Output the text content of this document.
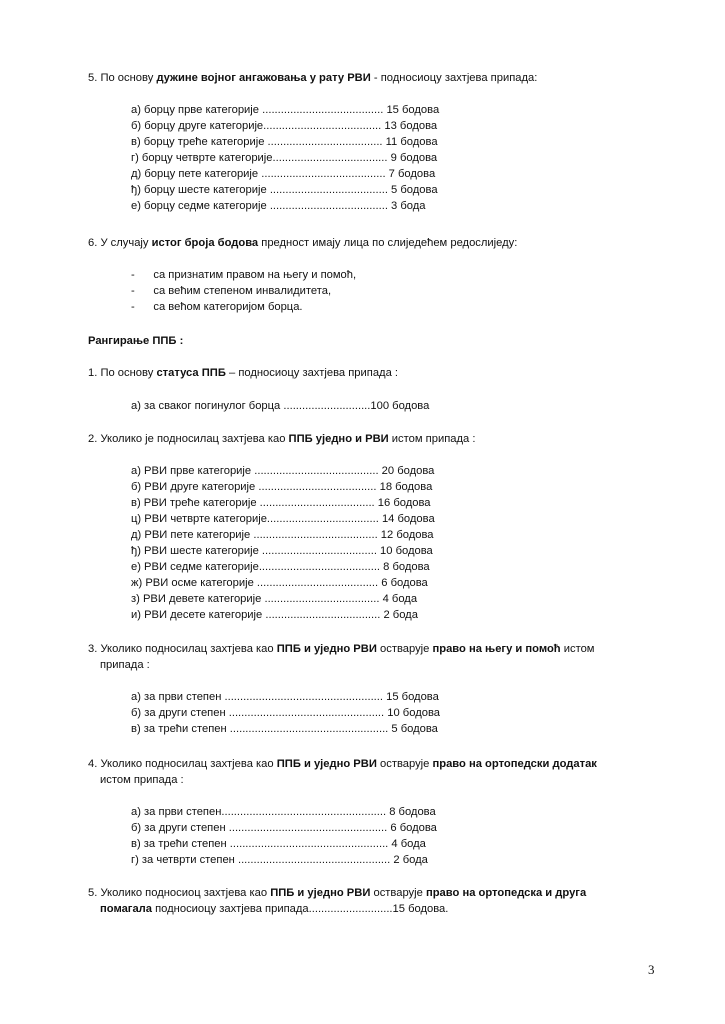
5. По основу дужине војног ангажовања у рату РВИ - подносиоцу захтјева припада:
а) борцу прве категорије ....................................... 15 бодова
б) борцу друге категорије...................................... 13 бодова
в) борцу треће категорије ..................................... 11 бодова
г) борцу четврте категорије..................................... 9 бодова
д) борцу пете категорије ........................................ 7 бодова
ђ) борцу шесте категорије ...................................... 5 бодова
е) борцу седме категорије ...................................... 3 бода
6. У случају истог броја бодова предност имају лица по слиједећем редослиједу:
-      са признатим правом на његу и помоћ,
-      са већим степеном инвалидитета,
-      са већом категоријом борца.
Рангирање ППБ :
1. По основу статуса ППБ – подносиоцу захтјева припада :
а) за сваког погинулог борца ............................100 бодова
2. Уколико је подносилац захтјева као ППБ уједно и РВИ истом припада :
а) РВИ прве категорије ........................................ 20 бодова
б) РВИ друге категорије ...................................... 18 бодова
в) РВИ треће категорије ..................................... 16 бодова
ц) РВИ четврте категорије.................................... 14 бодова
д) РВИ пете категорије ........................................ 12 бодова
ђ) РВИ шесте категорије ..................................... 10 бодова
е) РВИ седме категорије....................................... 8 бодова
ж) РВИ осме категорије ....................................... 6 бодова
з) РВИ девете категорије ..................................... 4 бода
и) РВИ десете категорије ..................................... 2 бода
3. Уколико подносилац захтјева као ППБ и уједно РВИ остварује право на његу и помоћ истом
припада :
а) за први степен ................................................... 15 бодова
б) за други степен .................................................. 10 бодова
в) за трећи степен ................................................... 5 бодова
4. Уколико подносилац захтјева као ППБ и уједно РВИ остварује право на ортопедски додатак
истом припада :
а) за први степен..................................................... 8 бодова
б) за други степен ................................................... 6 бодова
в) за трећи степен ................................................... 4 бода
г) за четврти степен ................................................. 2 бода
5. Уколико подносиоц захтјева као ППБ и уједно РВИ остварује право на ортопедска и друга
помагала подносиоцу захтјева припада...........................15 бодова.
3
